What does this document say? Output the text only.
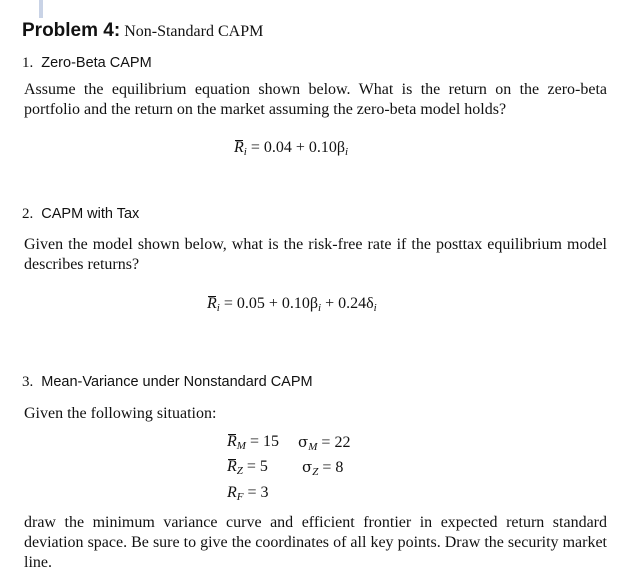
Problem 4: Non-Standard CAPM
1. Zero-Beta CAPM
Assume the equilibrium equation shown below. What is the return on the zero-beta portfolio and the return on the market assuming the zero-beta model holds?
$R_i = 0.04 + 0.10\beta_i$
2. CAPM with Tax
Given the model shown below, what is the risk-free rate if the posttax equilibrium model describes returns?
$R_i = 0.05 + 0.10\beta_i + 0.24\delta_i$
3. Mean-Variance under Nonstandard CAPM
Given the following situation:
$R_M = 15$ $\sigma_M = 22$
$R_Z = 5$ $\sigma_Z = 8$
$R_F = 3$
draw the minimum variance curve and efficient frontier in expected return standard deviation space. Be sure to give the coordinates of all key points. Draw the security market line.
